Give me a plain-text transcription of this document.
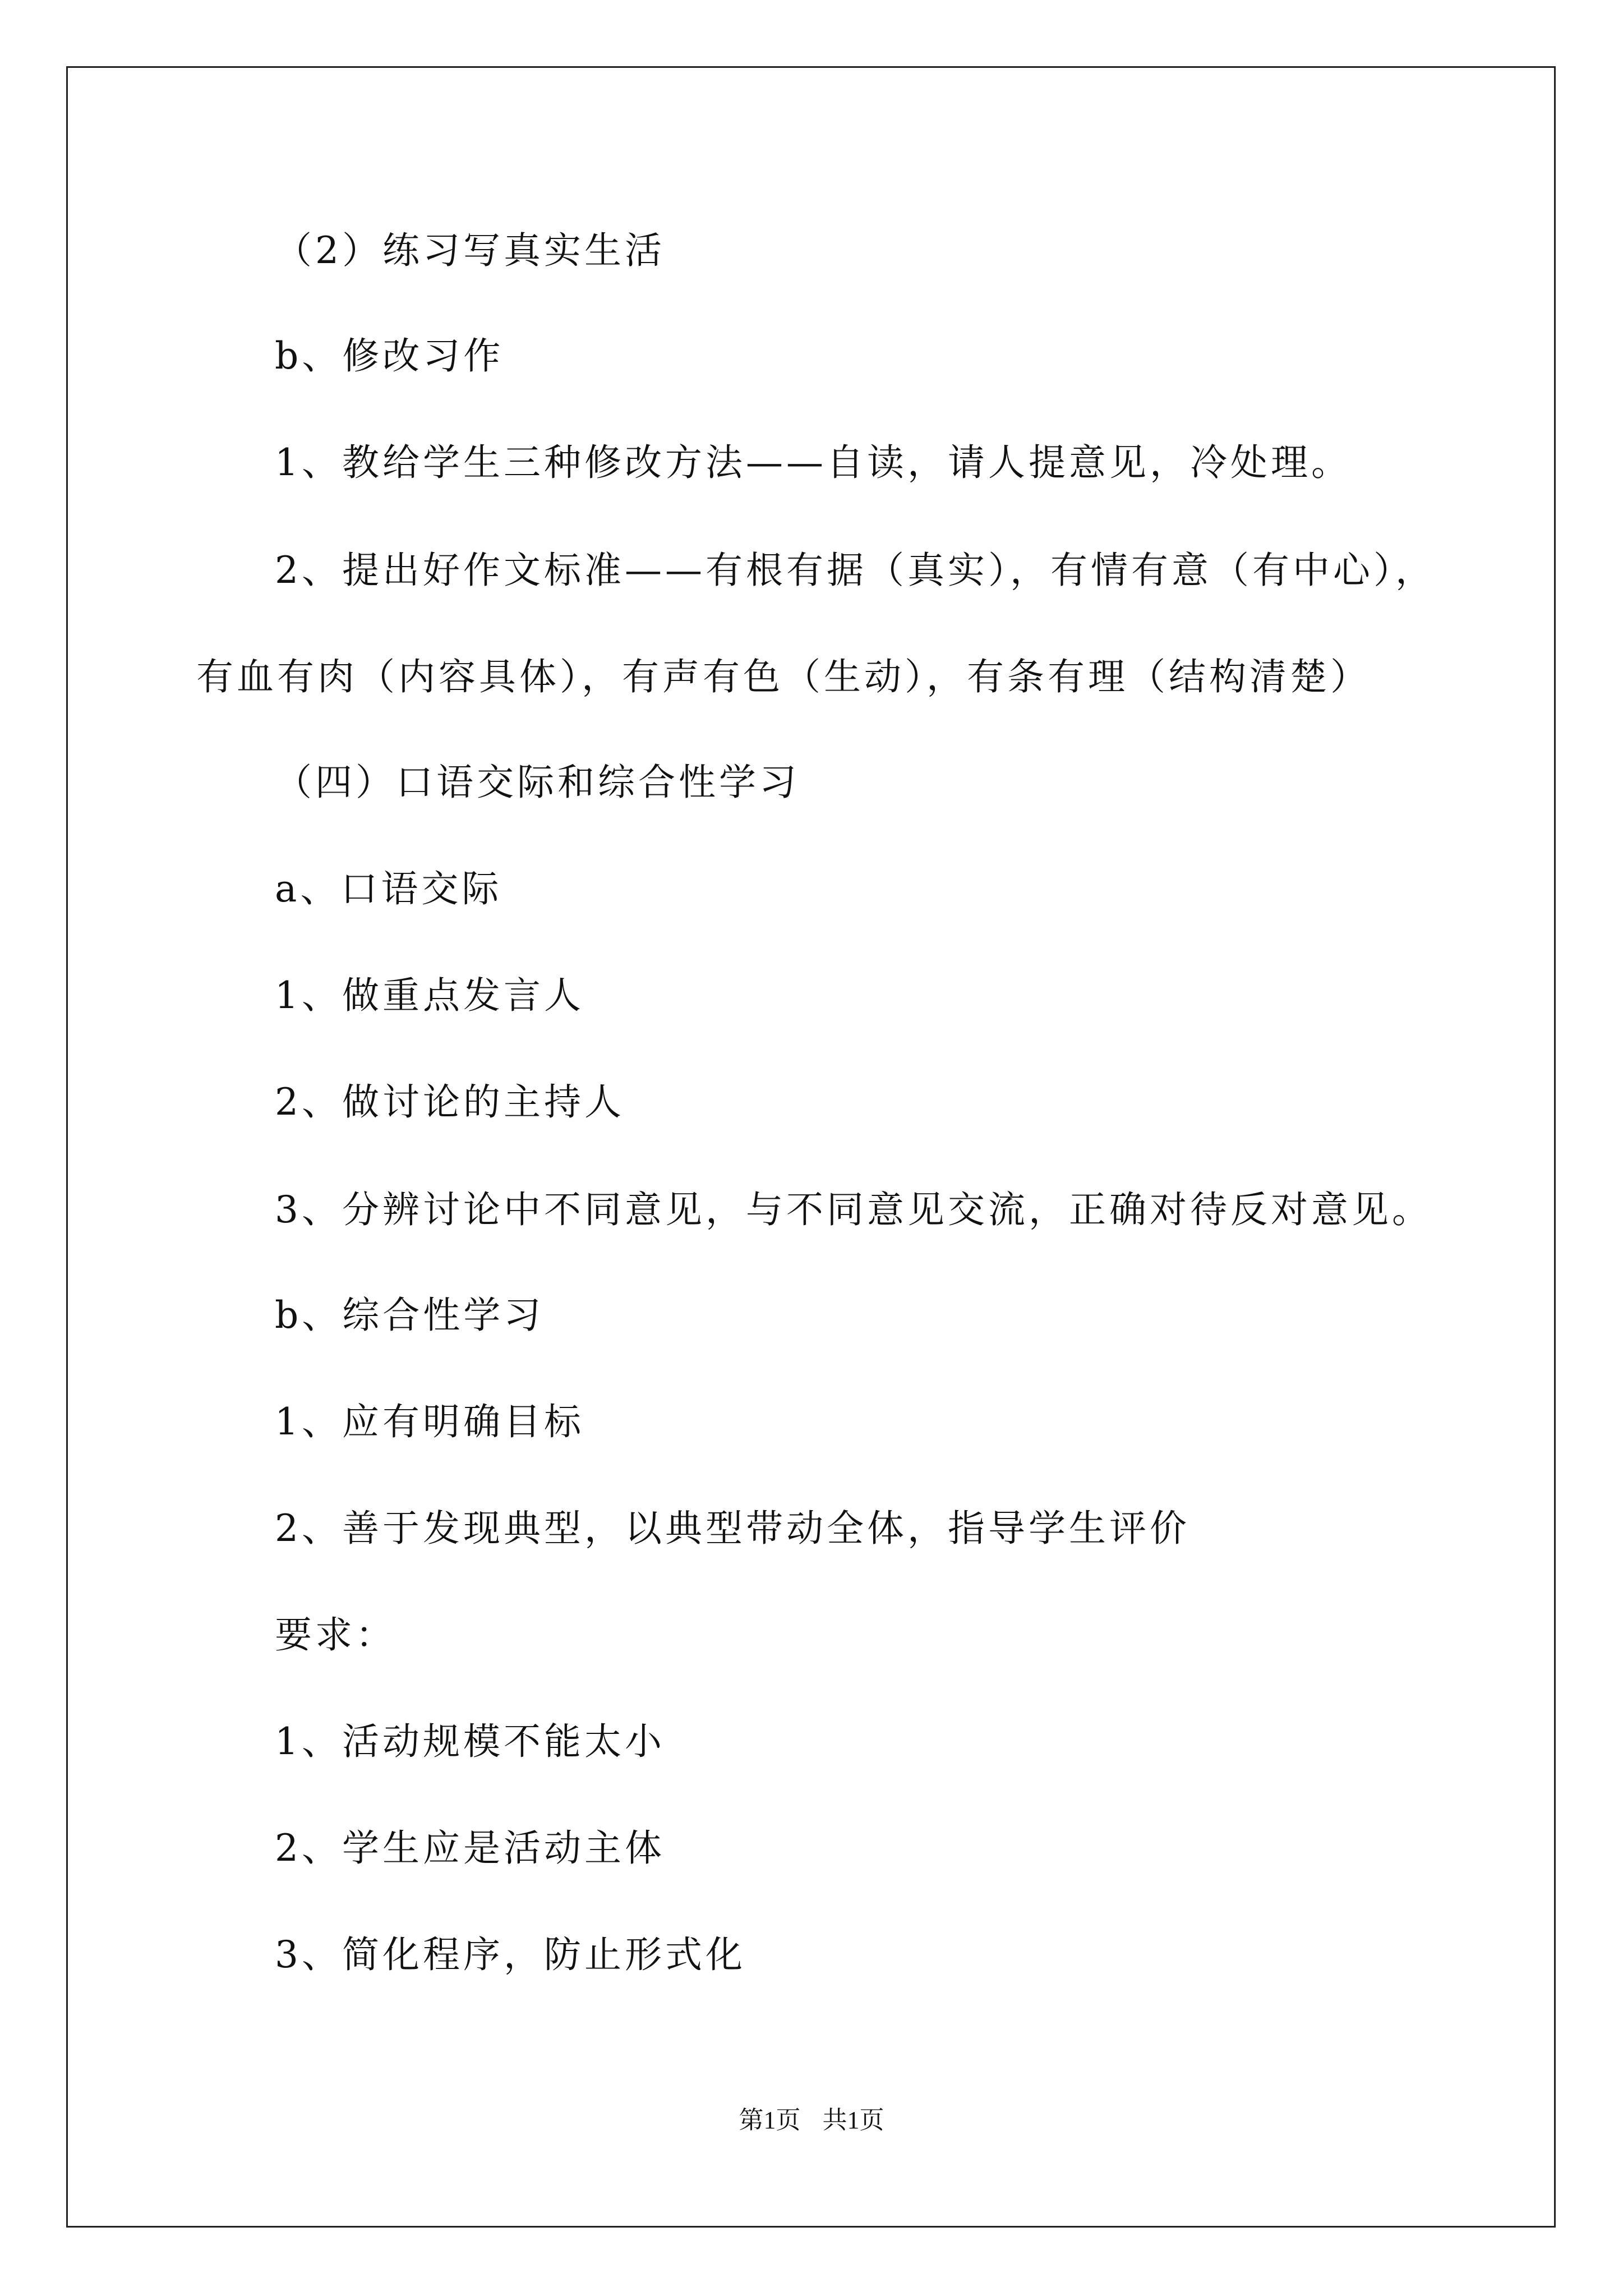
（2）练习写真实生活
b、修改习作
1、教给学生三种修改方法——自读，请人提意见，冷处理。
2、提出好作文标准——有根有据（真实），有情有意（有中心），
有血有肉（内容具体），有声有色（生动），有条有理（结构清楚）
（四）口语交际和综合性学习
a、口语交际
1、做重点发言人
2、做讨论的主持人
3、分辨讨论中不同意见，与不同意见交流，正确对待反对意见。
b、综合性学习
1、应有明确目标
2、善于发现典型，以典型带动全体，指导学生评价
要求：
1、活动规模不能太小
2、学生应是活动主体
3、简化程序，防止形式化
第1页 共1页
